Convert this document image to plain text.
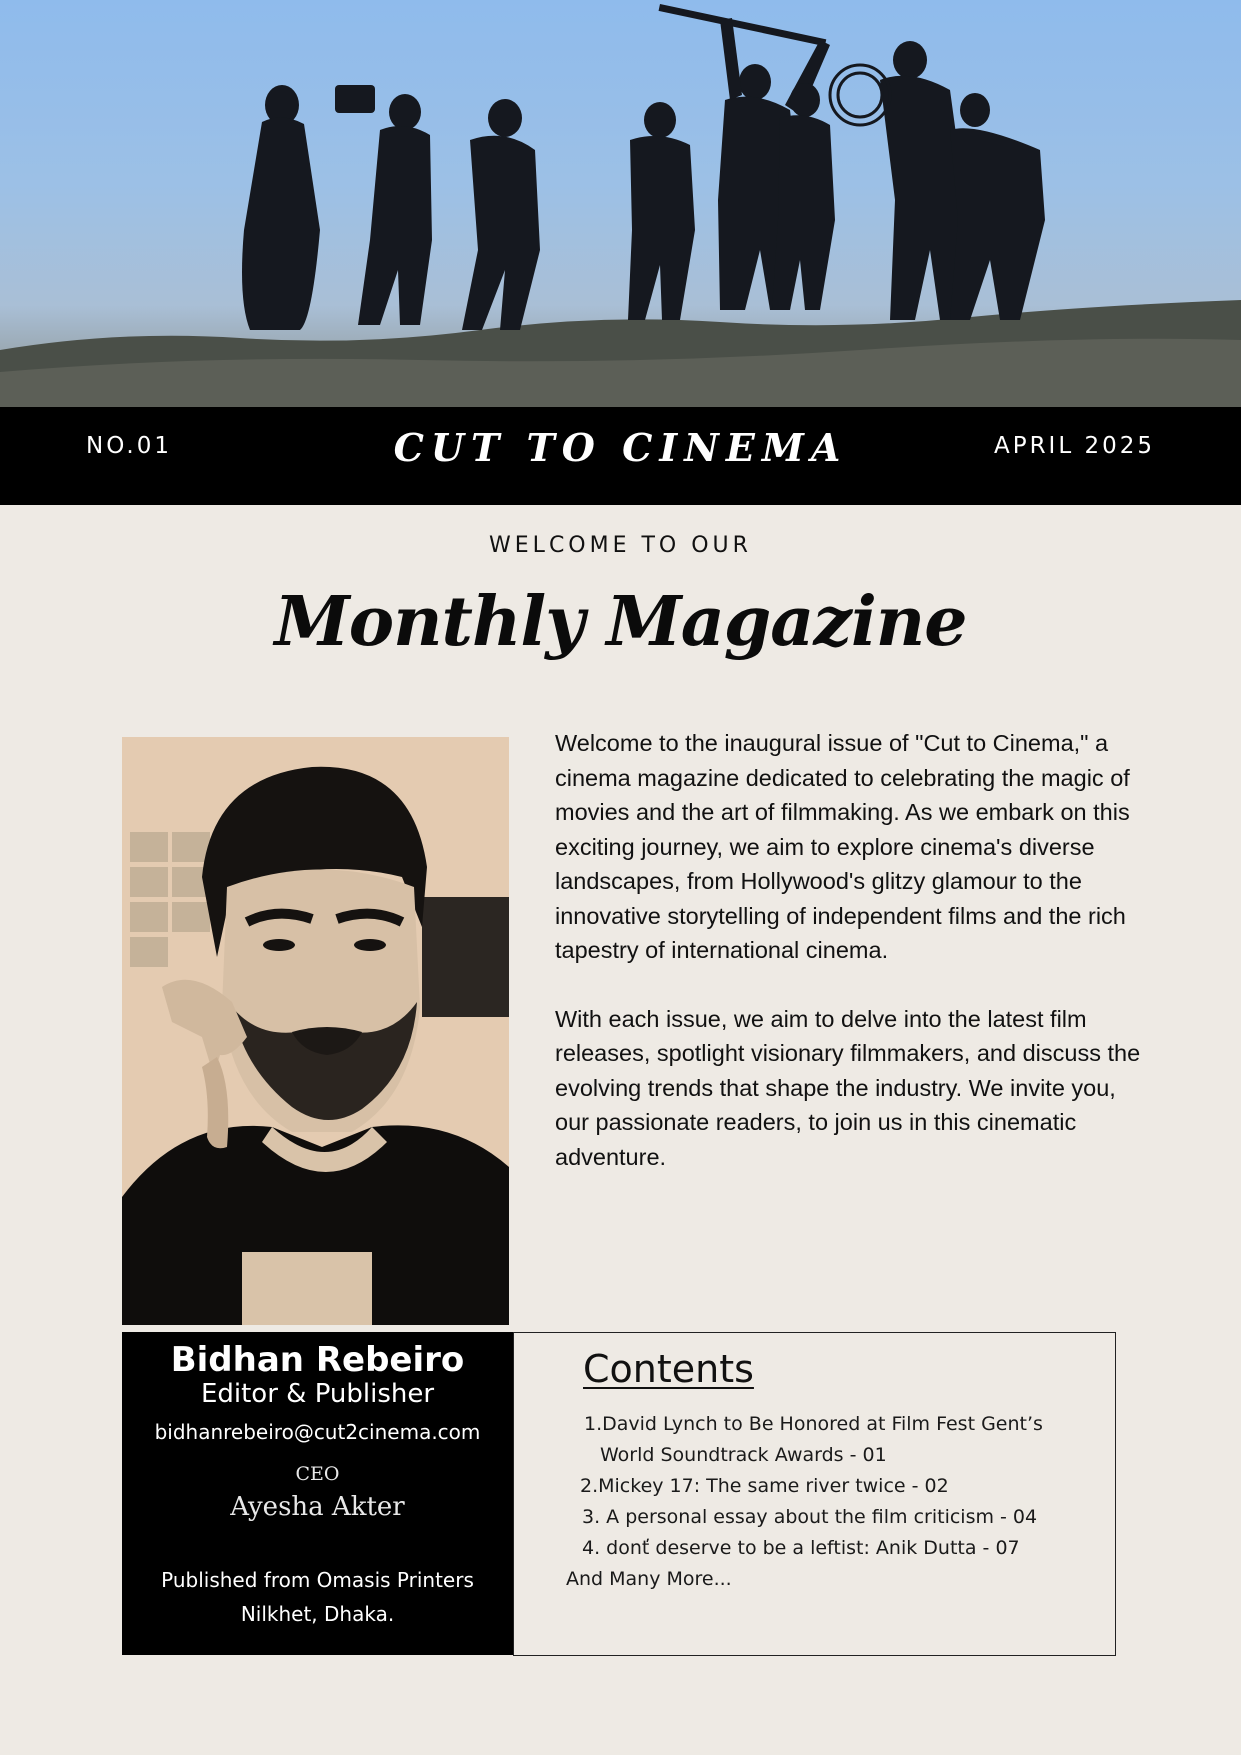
NO.01	CUT TO CINEMA	APRIL 2025
WELCOME TO OUR
Monthly Magazine

Welcome to the inaugural issue of "Cut to Cinema," a cinema magazine dedicated to celebrating the magic of movies and the art of filmmaking. As we embark on this exciting journey, we aim to explore cinema's diverse landscapes, from Hollywood's glitzy glamour to the innovative storytelling of independent films and the rich tapestry of international cinema.

With each issue, we aim to delve into the latest film releases, spotlight visionary filmmakers, and discuss the evolving trends that shape the industry. We invite you, our passionate readers, to join us in this cinematic adventure.

Bidhan Rebeiro
Editor & Publisher
bidhanrebeiro@cut2cinema.com
CEO
Ayesha Akter
Published from Omasis Printers
Nilkhet, Dhaka.
Contents
1.David Lynch to Be Honored at Film Fest Gent’s
World Soundtrack Awards - 01
2.Mickey 17: The same river twice - 02
3. A personal essay about the film criticism - 04
4. donť deserve to be a leftist: Anik Dutta - 07
And Many More...
